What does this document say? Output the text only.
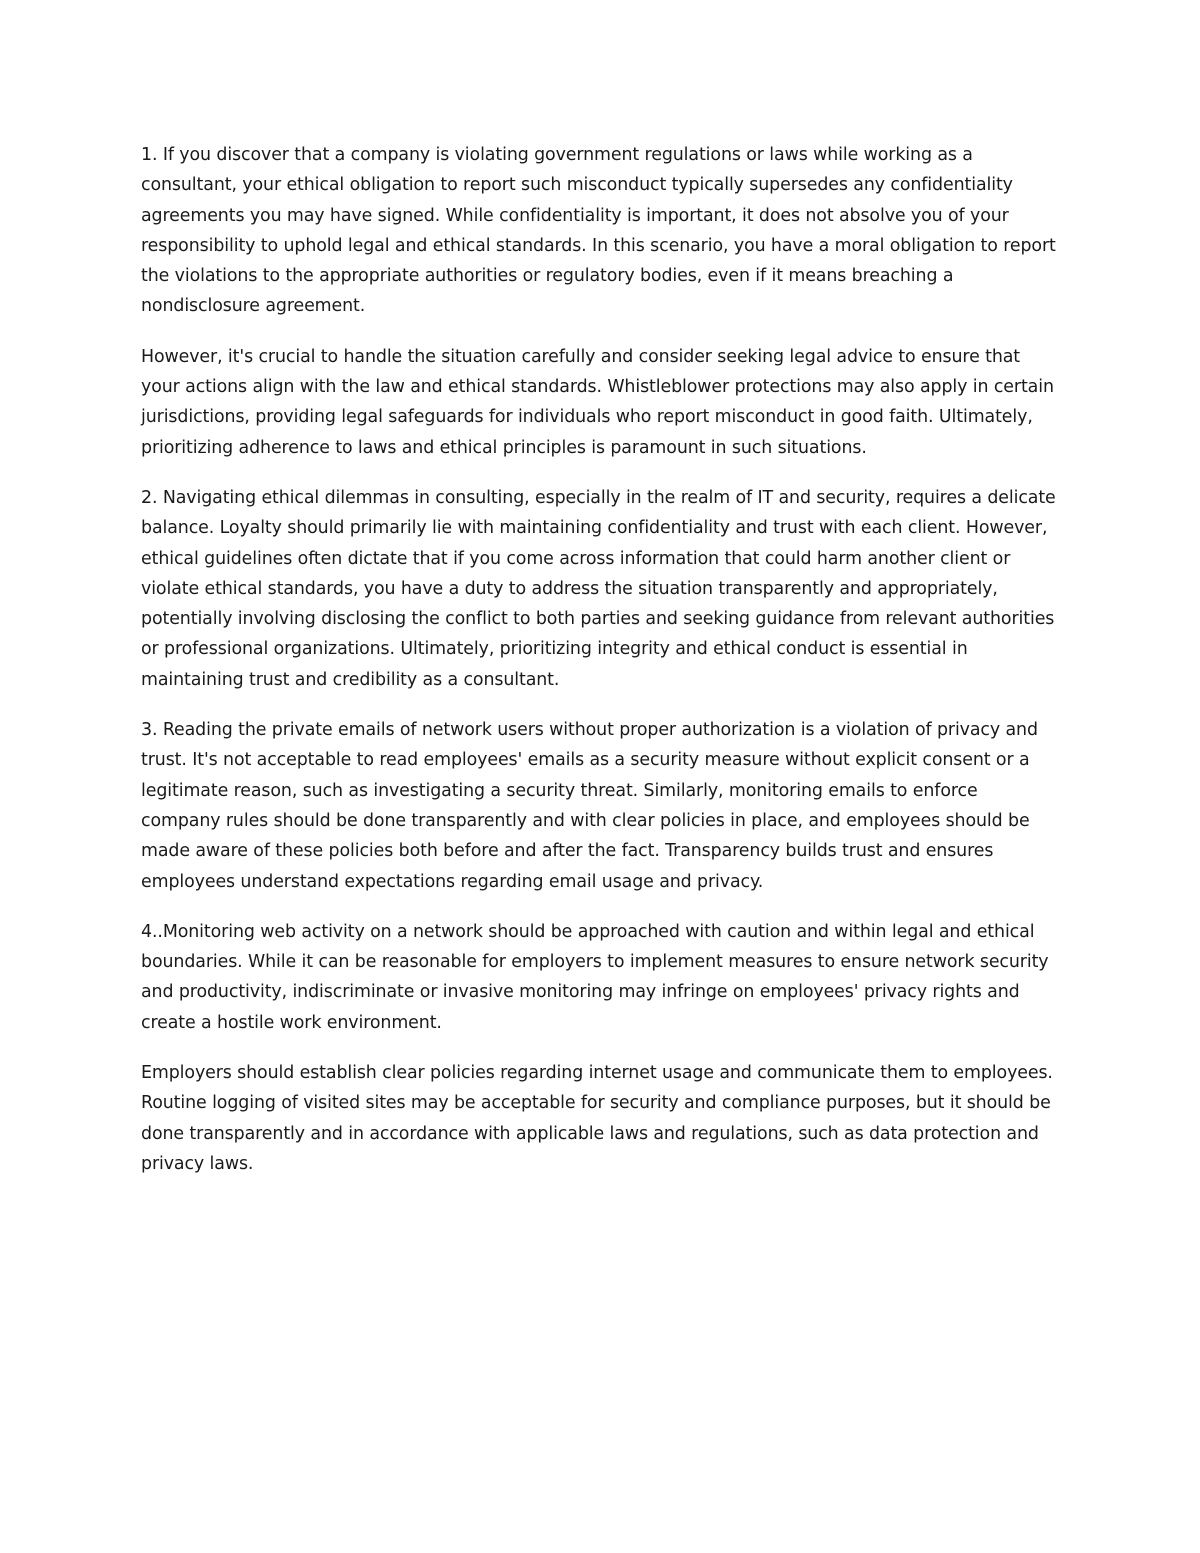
1. If you discover that a company is violating government regulations or laws while working as a consultant, your ethical obligation to report such misconduct typically supersedes any confidentiality agreements you may have signed. While confidentiality is important, it does not absolve you of your responsibility to uphold legal and ethical standards. In this scenario, you have a moral obligation to report the violations to the appropriate authorities or regulatory bodies, even if it means breaching a nondisclosure agreement.

However, it's crucial to handle the situation carefully and consider seeking legal advice to ensure that your actions align with the law and ethical standards. Whistleblower protections may also apply in certain jurisdictions, providing legal safeguards for individuals who report misconduct in good faith. Ultimately, prioritizing adherence to laws and ethical principles is paramount in such situations.

2. Navigating ethical dilemmas in consulting, especially in the realm of IT and security, requires a delicate balance. Loyalty should primarily lie with maintaining confidentiality and trust with each client. However, ethical guidelines often dictate that if you come across information that could harm another client or violate ethical standards, you have a duty to address the situation transparently and appropriately, potentially involving disclosing the conflict to both parties and seeking guidance from relevant authorities or professional organizations. Ultimately, prioritizing integrity and ethical conduct is essential in maintaining trust and credibility as a consultant.

3. Reading the private emails of network users without proper authorization is a violation of privacy and trust. It's not acceptable to read employees' emails as a security measure without explicit consent or a legitimate reason, such as investigating a security threat. Similarly, monitoring emails to enforce company rules should be done transparently and with clear policies in place, and employees should be made aware of these policies both before and after the fact. Transparency builds trust and ensures employees understand expectations regarding email usage and privacy.

4..Monitoring web activity on a network should be approached with caution and within legal and ethical boundaries. While it can be reasonable for employers to implement measures to ensure network security and productivity, indiscriminate or invasive monitoring may infringe on employees' privacy rights and create a hostile work environment.

Employers should establish clear policies regarding internet usage and communicate them to employees. Routine logging of visited sites may be acceptable for security and compliance purposes, but it should be done transparently and in accordance with applicable laws and regulations, such as data protection and privacy laws.
